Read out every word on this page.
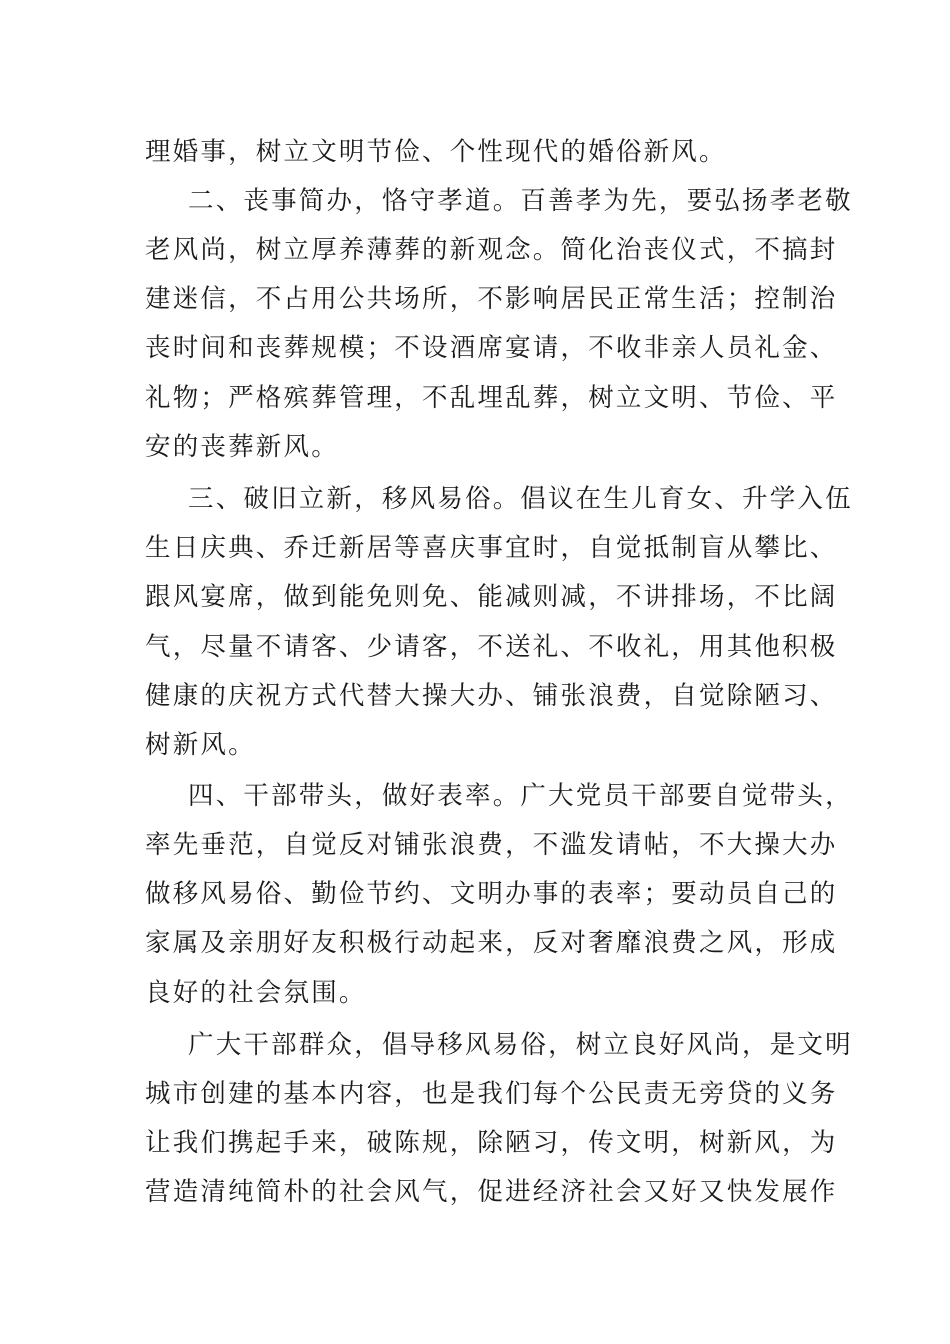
理婚事，树立文明节俭、个性现代的婚俗新风。
二、丧事简办，恪守孝道。百善孝为先，要弘扬孝老敬
老风尚，树立厚养薄葬的新观念。简化治丧仪式，不搞封
建迷信，不占用公共场所，不影响居民正常生活；控制治
丧时间和丧葬规模；不设酒席宴请，不收非亲人员礼金、
礼物；严格殡葬管理，不乱埋乱葬，树立文明、节俭、平
安的丧葬新风。
三、破旧立新，移风易俗。倡议在生儿育女、升学入伍
生日庆典、乔迁新居等喜庆事宜时，自觉抵制盲从攀比、
跟风宴席，做到能免则免、能减则减，不讲排场，不比阔
气，尽量不请客、少请客，不送礼、不收礼，用其他积极
健康的庆祝方式代替大操大办、铺张浪费，自觉除陋习、
树新风。
四、干部带头，做好表率。广大党员干部要自觉带头，
率先垂范，自觉反对铺张浪费，不滥发请帖，不大操大办
做移风易俗、勤俭节约、文明办事的表率；要动员自己的
家属及亲朋好友积极行动起来，反对奢靡浪费之风，形成
良好的社会氛围。
广大干部群众，倡导移风易俗，树立良好风尚，是文明
城市创建的基本内容，也是我们每个公民责无旁贷的义务
让我们携起手来，破陈规，除陋习，传文明，树新风，为
营造清纯简朴的社会风气，促进经济社会又好又快发展作
